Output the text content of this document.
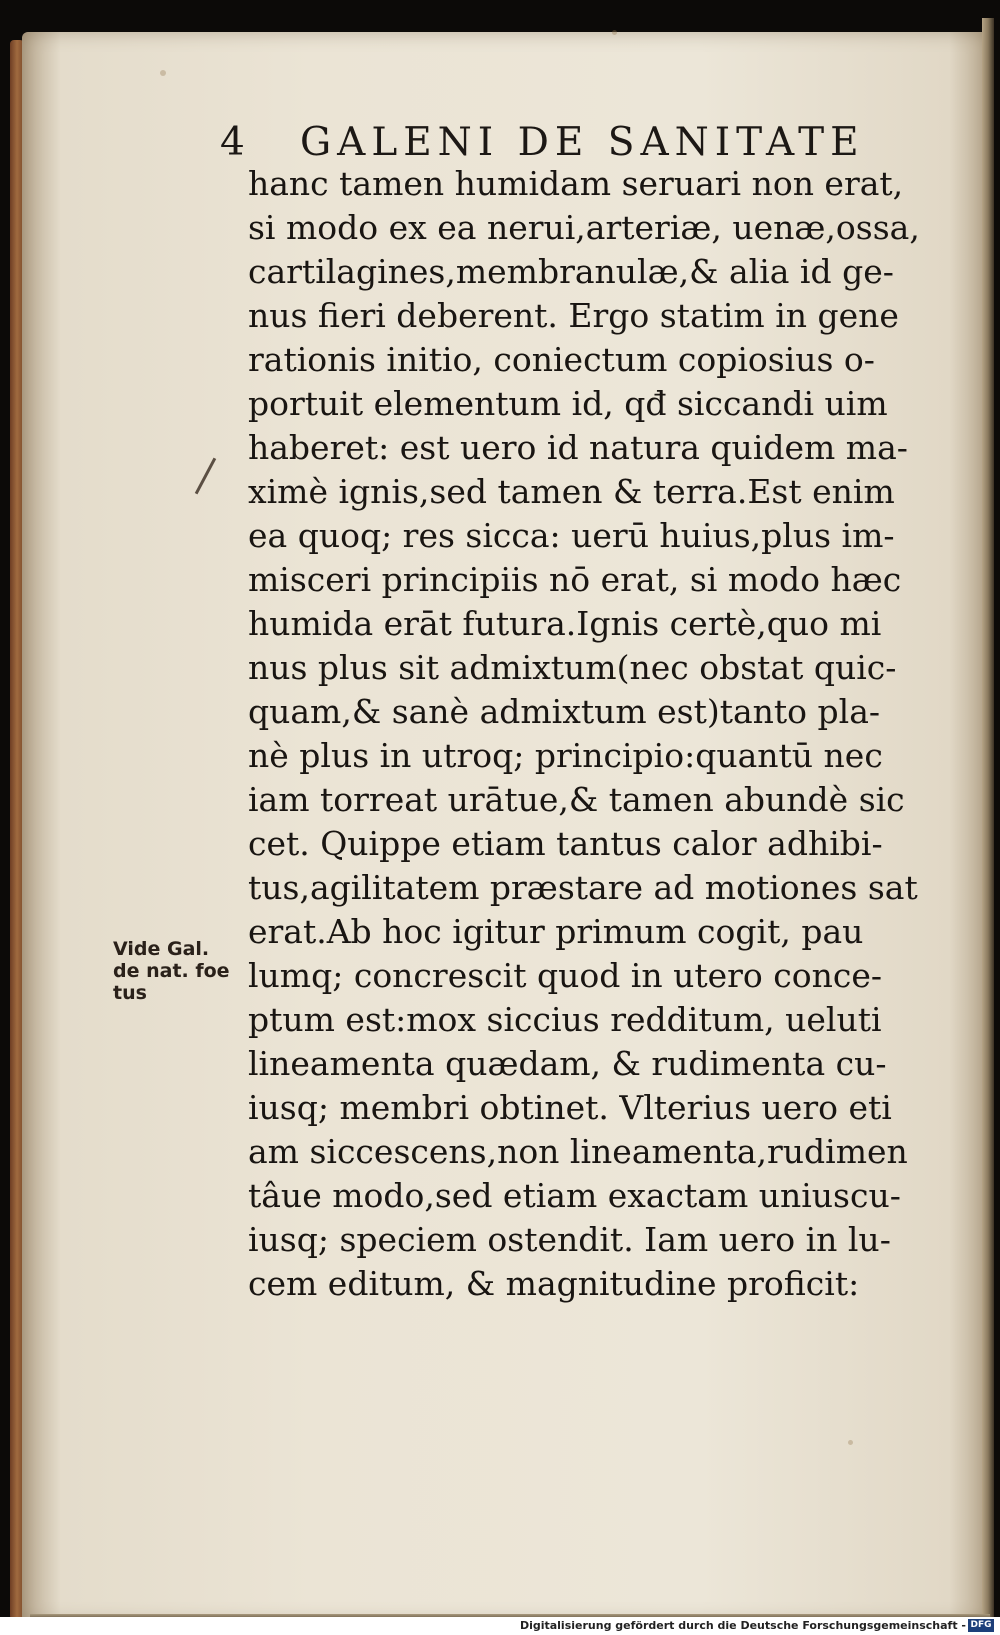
4 GALENI DE SANITATE
hanc tamen humidam seruari non erat,
si modo ex ea nerui,arteriæ, uenæ,ossa,
cartilagines,membranulæ,& alia id ge-
nus fieri deberent. Ergo statim in gene
rationis initio, coniectum copiosius o-
portuit elementum id, qđ siccandi uim
haberet: est uero id natura quidem ma-
ximè ignis,sed tamen & terra.Est enim
ea quoq; res sicca: uerū huius,plus im-
misceri principiis nō erat, si modo hæc
humida erāt futura.Ignis certè,quo mi
nus plus sit admixtum(nec obstat quic-
quam,& sanè admixtum est)tanto pla-
nè plus in utroq; principio:quantū nec
iam torreat urātue,& tamen abundè sic
cet. Quippe etiam tantus calor adhibi-
tus,agilitatem præstare ad motiones sat
erat.Ab hoc igitur primum cogit, pau
lumq; concrescit quod in utero conce-
ptum est:mox siccius redditum, ueluti
lineamenta quædam, & rudimenta cu-
iusq; membri obtinet. Vlterius uero eti
am siccescens,non lineamenta,rudimen
tâue modo,sed etiam exactam uniuscu-
iusq; speciem ostendit. Iam uero in lu-
cem editum, & magnitudine proficit:
Vide Gal.
de nat. foe
tus
Digitalisierung gefördert durch die Deutsche Forschungsgemeinschaft - DFG
